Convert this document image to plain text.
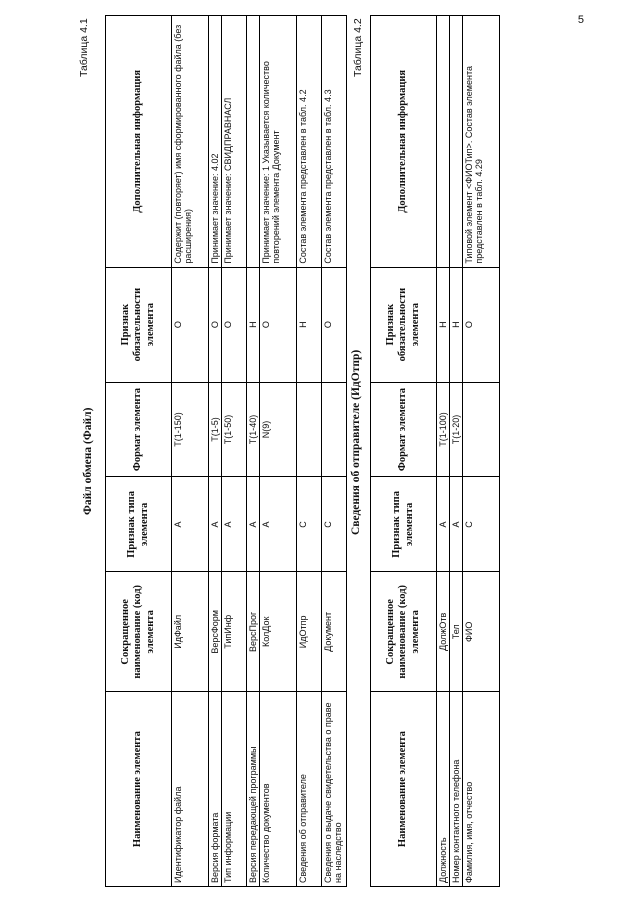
5
Таблица 4.1
Файл обмена (Файл)
Наименование элемента	Сокращенное наименование (код) элемента	Признак типа элемента	Формат элемента	Признак обязательности элемента	Дополнительная информация
Идентификатор файла	ИдФайл	А	Т(1-150)	О	Содержит (повторяет) имя сформированного файла (без расширения)
Версия формата	ВерсФорм	А	Т(1-5)	О	Принимает значение: 4.02
Тип информации	ТипИнф	А	Т(1-50)	О	Принимает значение: СВИДПРАВНАСЛ
Версия передающей программы	ВерсПрог	А	Т(1-40)	Н	
Количество документов	КолДок	А	N(9)	О	Принимает значение: 1 Указывается количество повторений элемента Документ
Сведения об отправителе	ИдОтпр	С		Н	Состав элемента представлен в табл. 4.2
Сведения о выдаче свидетельства о праве на наследство	Документ	С		О	Состав элемента представлен в табл. 4.3
Таблица 4.2
Сведения об отправителе (ИдОтпр)
Наименование элемента	Сокращенное наименование (код) элемента	Признак типа элемента	Формат элемента	Признак обязательности элемента	Дополнительная информация
Должность	ДолжОтв	А	Т(1-100)	Н	
Номер контактного телефона	Тел	А	Т(1-20)	Н	
Фамилия, имя, отчество	ФИО	С		О	Типовой элемент <ФИОТип>. Состав элемента представлен в табл. 4.29
